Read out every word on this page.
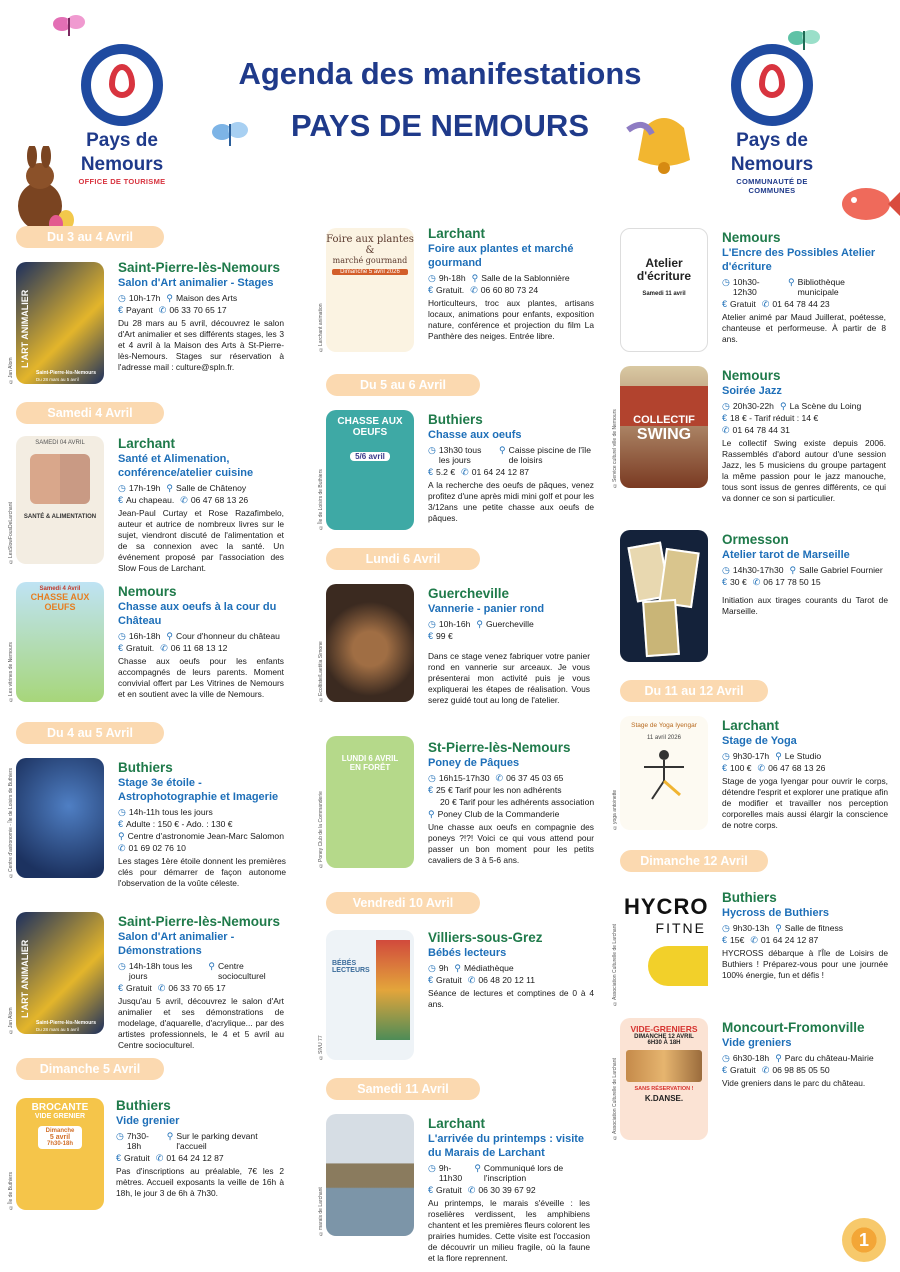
Pays de
Nemours
OFFICE DE TOURISME
Pays de
Nemours
COMMUNAUTÉ DE COMMUNES
Agenda des manifestations
PAYS DE NEMOURS
Du 3 au 4 Avril
L'ART ANIMALIER
Saint-Pierre-lès-Nemours
Du 28 mars au 5 avril
©Jan Alom
Saint-Pierre-lès-Nemours
Salon d'Art animalier - Stages
◷ 10h-17h ⚲ Maison des Arts
€ Payant ✆ 06 33 70 65 17
Du 28 mars au 5 avril, découvrez le salon d'Art animalier et ses différents stages, les 3 et 4 avril à la Maison des Arts à St-Pierre-lès-Nemours. Stages sur réservation à l'adresse mail : culture@spln.fr.
Samedi 4 Avril
SAMEDI 04 AVRIL
SANTÉ & ALIMENTATION
©LesSlowFousDeLarchant
Larchant
Santé et Alimenation, conférence/atelier cuisine
◷ 17h-19h ⚲ Salle de Châtenoy
€ Au chapeau. ✆ 06 47 68 13 26
Jean-Paul Curtay et Rose Razafimbelo, auteur et autrice de nombreux livres sur le sujet, viendront discuté de l'alimentation et de sa connexion avec la santé. Un événement proposé par l'association des Slow Fous de Larchant.
Samedi 4 Avril
CHASSE AUX OEUFS
©Les vitrines de Nemours
Nemours
Chasse aux oeufs à la cour du Château
◷ 16h-18h ⚲ Cour d'honneur du château
€ Gratuit. ✆ 06 11 68 13 12
Chasse aux oeufs pour les enfants accompagnés de leurs parents. Moment convivial offert par Les Vitrines de Nemours et en soutient avec la ville de Nemours.
Du 4 au 5 Avril
©Centre d'astronomie - Île de Loisirs de Buthiers
Buthiers
Stage 3e étoile - Astrophotographie et Imagerie
◷ 14h-11h tous les jours
€ Adulte : 150 € - Ado. : 130 €
⚲ Centre d'astronomie Jean-Marc Salomon
✆ 01 69 02 76 10
Les stages 1ère étoile donnent les premières clés pour démarrer de façon autonome l'observation de la voûte céleste.
L'ART ANIMALIER
Saint-Pierre-lès-Nemours
Du 28 mars au 5 avril
©Jan Alom
Saint-Pierre-lès-Nemours
Salon d'Art animalier - Démonstrations
◷ 14h-18h tous les jours
⚲ Centre socioculturel
€ Gratuit ✆ 06 33 70 65 17
Jusqu'au 5 avril, découvrez le salon d'Art animalier et ses démonstrations de modelage, d'aquarelle, d'acrylique... par des artistes professionnels, le 4 et 5 avril au Centre socioculturel.
Dimanche 5 Avril
BROCANTE
VIDE GRENIER
Dimanche
5 avril
7h30-18h
©Île de Buthiers
Buthiers
Vide grenier
◷ 7h30-18h
⚲ Sur le parking devant l'accueil
€ Gratuit ✆ 01 64 24 12 87
Pas d'inscriptions au préalable, 7€ les 2 mètres. Accueil exposants la veille de 16h à 18h, le jour 3 de 6h à 7h30.
Foire aux plantes &
marché gourmand
Dimanche 5 avril 2026
©Larchant animation
Larchant
Foire aux plantes et marché gourmand
◷ 9h-18h ⚲ Salle de la Sablonnière
€ Gratuit. ✆ 06 60 80 73 24
Horticulteurs, troc aux plantes, artisans locaux, animations pour enfants, exposition nature, conférence et projection du film La Panthère des neiges. Entrée libre.
Du 5 au 6 Avril
CHASSE AUX OEUFS
5/6 avril
©Île de Loisirs de Buthiers
Buthiers
Chasse aux oeufs
◷ 13h30 tous les jours
⚲ Caisse piscine de l'île de loisirs
€ 5.2 € ✆ 01 64 24 12 87
A la recherche des oeufs de pâques, venez profitez d'une après midi mini golf et pour les 3/12ans une petite chasse aux oeufs de pâques.
Lundi 6 Avril
©Ecoltiste/Laetitia Simone
Guercheville
Vannerie - panier rond
◷ 10h-16h ⚲ Guercheville
€ 99 €
Dans ce stage venez fabriquer votre panier rond en vannerie sur arceaux. Je vous présenterai mon activité puis je vous expliquerai les étapes de réalisation. Vous serez guidé tout au long de l'atelier.
LUNDI 6 AVRIL
EN FORÊT
©Poney Club de la Commanderie
St-Pierre-lès-Nemours
Poney de Pâques
◷ 16h15-17h30 ✆ 06 37 45 03 65
€ 25 € Tarif pour les non adhérents
20 € Tarif pour les adhérents association
⚲ Poney Club de la Commanderie
Une chasse aux oeufs en compagnie des poneys ?!?! Voici ce qui vous attend pour passer un bon moment pour les petits cavaliers de 3 à 5-6 ans.
Vendredi 10 Avril
BÉBÉS LECTEURS
©SIVU 77
Villiers-sous-Grez
Bébés lecteurs
◷ 9h ⚲ Médiathèque
€ Gratuit ✆ 06 48 20 12 11
Séance de lectures et comptines de 0 à 4 ans.
Samedi 11 Avril
©marais de Larchant
Larchant
L'arrivée du printemps : visite du Marais de Larchant
◷ 9h-11h30
⚲ Communiqué lors de l'inscription
€ Gratuit ✆ 06 30 39 67 92
Au printemps, le marais s'éveille : les roselières verdissent, les amphibiens chantent et les premières fleurs colorent les prairies humides. Cette visite est l'occasion de découvrir un milieu fragile, où la faune et la flore reprennent.
Atelier d'écriture
Samedi 11 avril
Nemours
L'Encre des Possibles Atelier d'écriture
◷ 10h30-12h30
⚲ Bibliothèque municipale
€ Gratuit ✆ 01 64 78 44 23
Atelier animé par Maud Juillerat, poétesse, chanteuse et performeuse. À partir de 8 ans.
COLLECTIF
SWING
©Service culturel ville de Nemours
Nemours
Soirée Jazz
◷ 20h30-22h ⚲ La Scène du Loing
€ 18 € - Tarif réduit : 14 €
✆ 01 64 78 44 31
Le collectif Swing existe depuis 2006. Rassemblés d'abord autour d'une session Jazz, les 5 musiciens du groupe partagent la même passion pour le jazz manouche, tous sont issus de genres différents, ce qui va donner ce son si particulier.
Ormesson
Atelier tarot de Marseille
◷ 14h30-17h30 ⚲ Salle Gabriel Fournier
€ 30 € ✆ 06 17 78 50 15
Initiation aux tirages courants du Tarot de Marseille.
Du 11 au 12 Avril
Stage de Yoga Iyengar
11 avril 2026
©yoga antoinette
Larchant
Stage de Yoga
◷ 9h30-17h ⚲ Le Studio
€ 100 € ✆ 06 47 68 13 26
Stage de yoga Iyengar pour ouvrir le corps, détendre l'esprit et explorer une pratique afin de modifier et travailler nos perception corporelles mais aussi élargir la conscience de notre corps.
Dimanche 12 Avril
HYCRO
FITNE
©Association Culturelle de Larchant
Buthiers
Hycross de Buthiers
◷ 9h30-13h ⚲ Salle de fitness
€ 15€ ✆ 01 64 24 12 87
HYCROSS débarque à l'Île de Loisirs de Buthiers ! Préparez-vous pour une journée 100% énergie, fun et défis !
VIDE-GRENIERS
DIMANCHE 12 AVRIL
6H30 À 18H
SANS RÉSERVATION !
K.DANSE.
©Association Culturelle de Larchant
Moncourt-Fromonville
Vide greniers
◷ 6h30-18h ⚲ Parc du château-Mairie
€ Gratuit ✆ 06 98 85 05 50
Vide greniers dans le parc du château.
1
